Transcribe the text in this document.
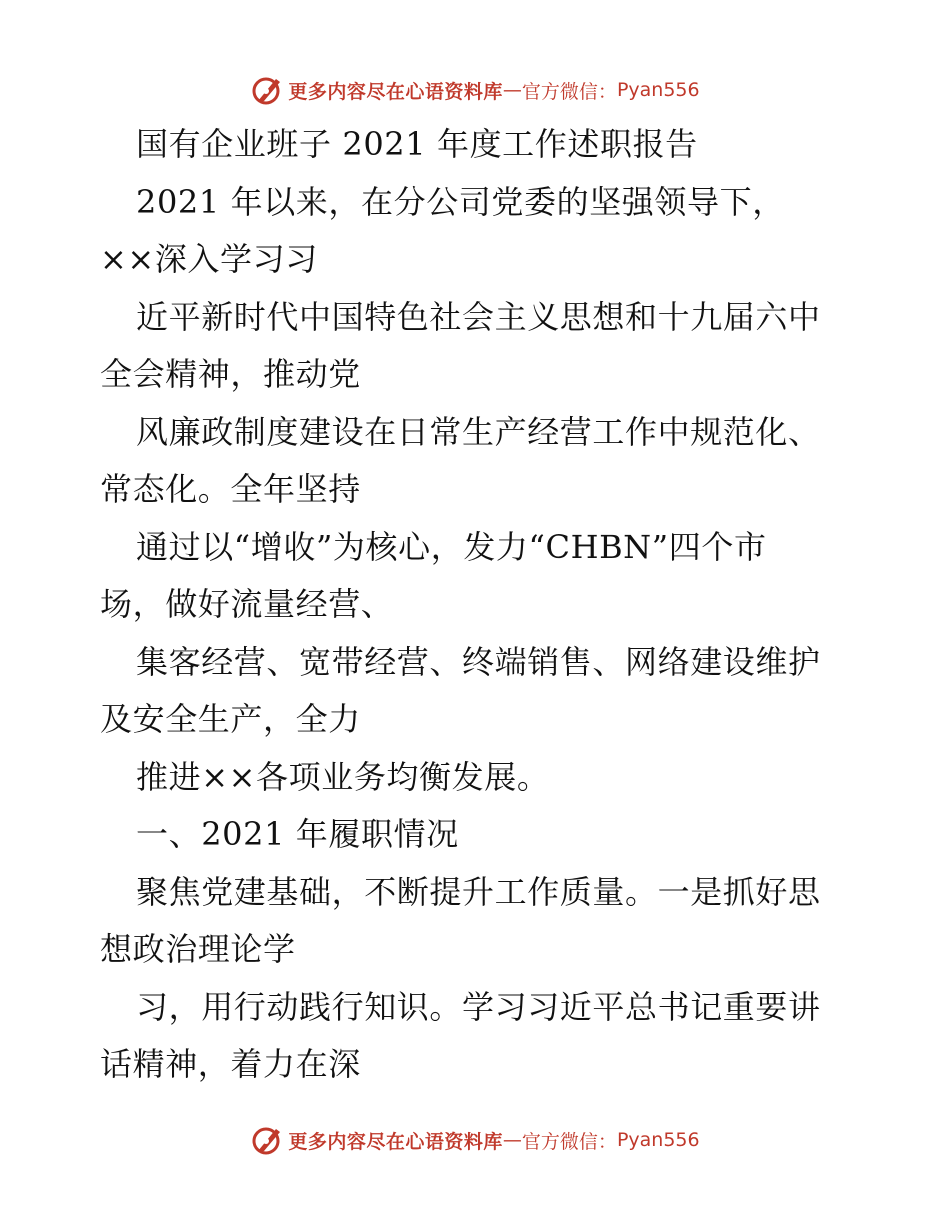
更多内容尽在心语资料库 — 官方微信： Pyan556
国有企业班子 2021 年度工作述职报告
2021 年以来，在分公司党委的坚强领导下，
××深入学习习
近平新时代中国特色社会主义思想和十九届六中
全会精神，推动党
风廉政制度建设在日常生产经营工作中规范化、
常态化。全年坚持
通过以“增收”为核心，发力“CHBN”四个市
场，做好流量经营、
集客经营、宽带经营、终端销售、网络建设维护
及安全生产，全力
推进××各项业务均衡发展。
一、2021 年履职情况
聚焦党建基础，不断提升工作质量。一是抓好思
想政治理论学
习，用行动践行知识。学习习近平总书记重要讲
话精神，着力在深
更多内容尽在心语资料库 — 官方微信： Pyan556
